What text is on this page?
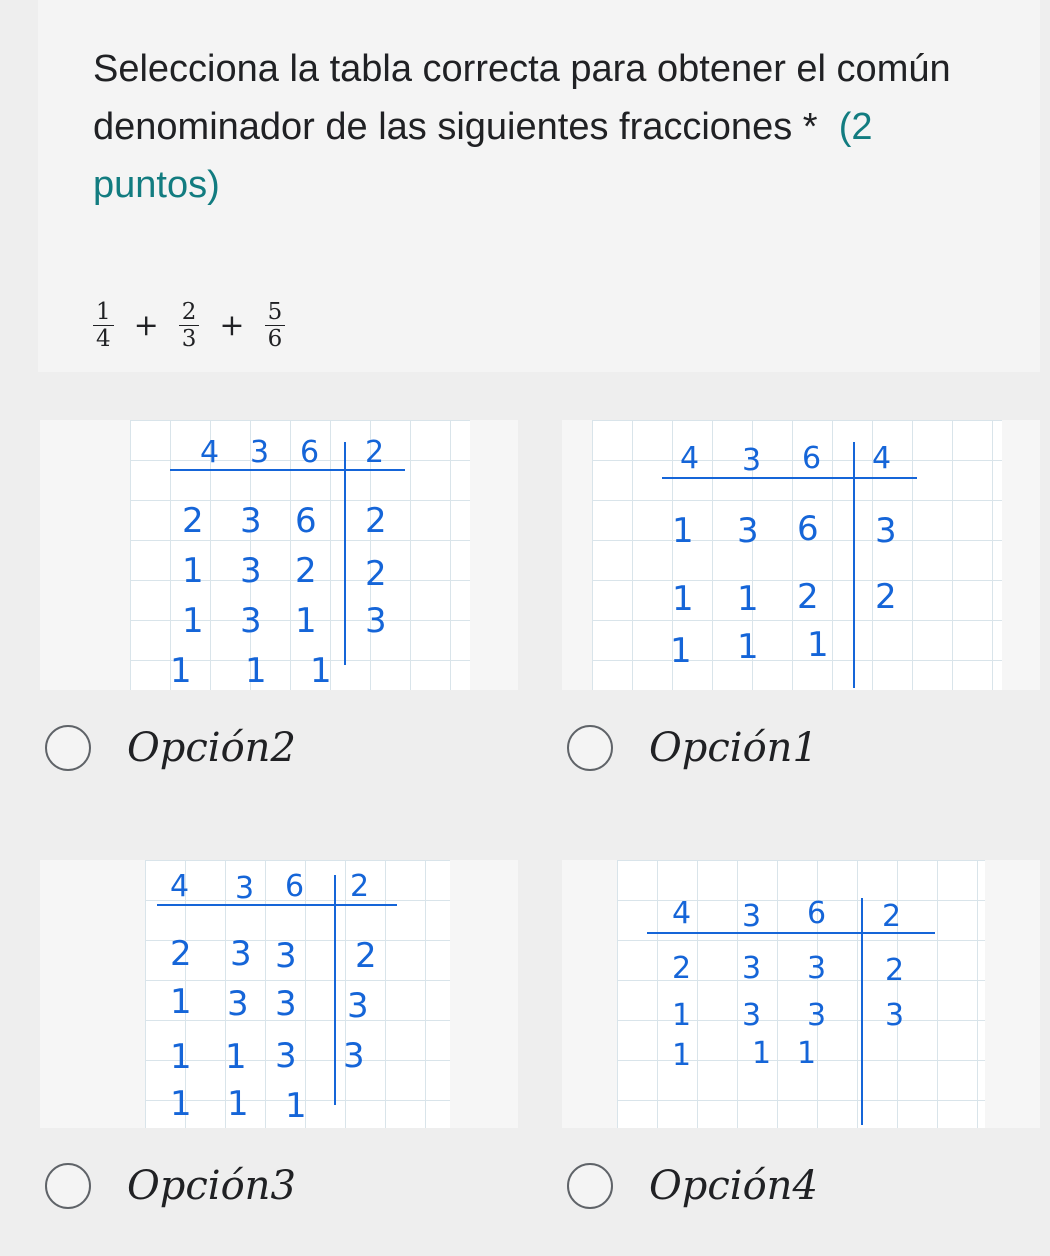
Selecciona la tabla correcta para obtener el común denominador de las siguientes fracciones * (2 puntos)
$\frac{1}{4} + \frac{2}{3} + \frac{5}{6}$
4 3 6 2
2 3 6 2
1 3 2 2
1 3 1 3
1 1 1
4 3 6 4
1 3 6 3
1 1 2 2
1 1 1
4 3 6 2
2 3 3 2
1 3 3 3
1 1 3 3
1 1 1
4 3 6 2
2 3 3 2
1 3 3 3
1 1 1
Opción2	Opción1
Opción3	Opción4
